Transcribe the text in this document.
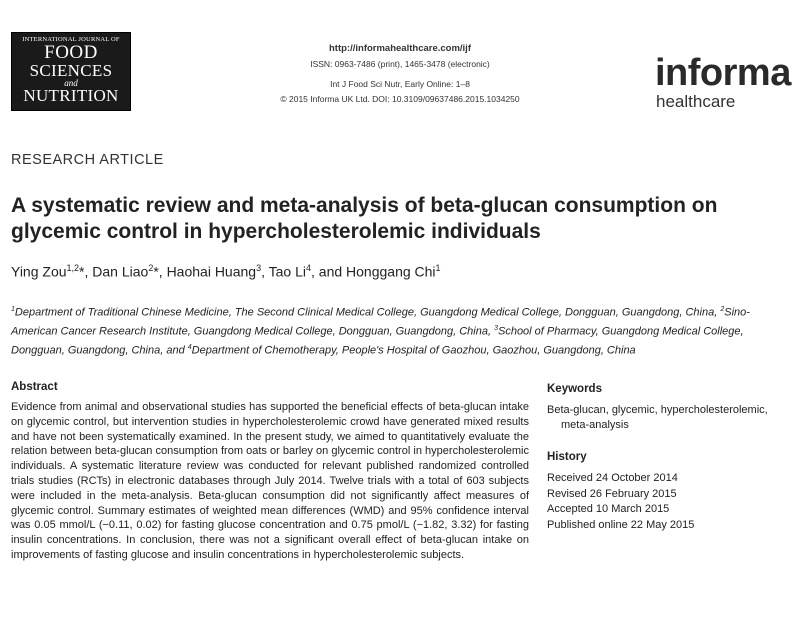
INTERNATIONAL JOURNAL OF
FOOD
SCIENCES
and
NUTRITION
http://informahealthcare.com/ijf
ISSN: 0963-7486 (print), 1465-3478 (electronic)
Int J Food Sci Nutr, Early Online: 1–8
© 2015 Informa UK Ltd. DOI: 10.3109/09637486.2015.1034250
informa
healthcare
RESEARCH ARTICLE
A systematic review and meta-analysis of beta-glucan consumption on glycemic control in hypercholesterolemic individuals
Ying Zou$^{1,2}$*, Dan Liao$^2$*, Haohai Huang$^3$, Tao Li$^4$, and Honggang Chi$^1$
$^1$Department of Traditional Chinese Medicine, The Second Clinical Medical College, Guangdong Medical College, Dongguan, Guangdong, China, $^2$Sino-American Cancer Research Institute, Guangdong Medical College, Dongguan, Guangdong, China, $^3$School of Pharmacy, Guangdong Medical College, Dongguan, Guangdong, China, and $^4$Department of Chemotherapy, People's Hospital of Gaozhou, Gaozhou, Guangdong, China
Abstract

Evidence from animal and observational studies has supported the beneficial effects of beta-glucan intake on glycemic control, but intervention studies in hypercholesterolemic crowd have generated mixed results and have not been systematically examined. In the present study, we aimed to quantitatively evaluate the relation between beta-glucan consumption from oats or barley on glycemic control in hypercholesterolemic individuals. A systematic literature review was conducted for relevant published randomized controlled trials studies (RCTs) in electronic databases through July 2014. Twelve trials with a total of 603 subjects were included in the meta-analysis. Beta-glucan consumption did not significantly affect measures of glycemic control. Summary estimates of weighted mean differences (WMD) and 95% confidence interval was 0.05 mmol/L (−0.11, 0.02) for fasting glucose concentration and 0.75 pmol/L (−1.82, 3.32) for fasting insulin concentrations. In conclusion, there was not a significant overall effect of beta-glucan intake on improvements of fasting glucose and insulin concentrations in hypercholesterolemic subjects.

Keywords
Beta-glucan, glycemic, hypercholesterolemic,
meta-analysis
History
Received 24 October 2014
Revised 26 February 2015
Accepted 10 March 2015
Published online 22 May 2015
